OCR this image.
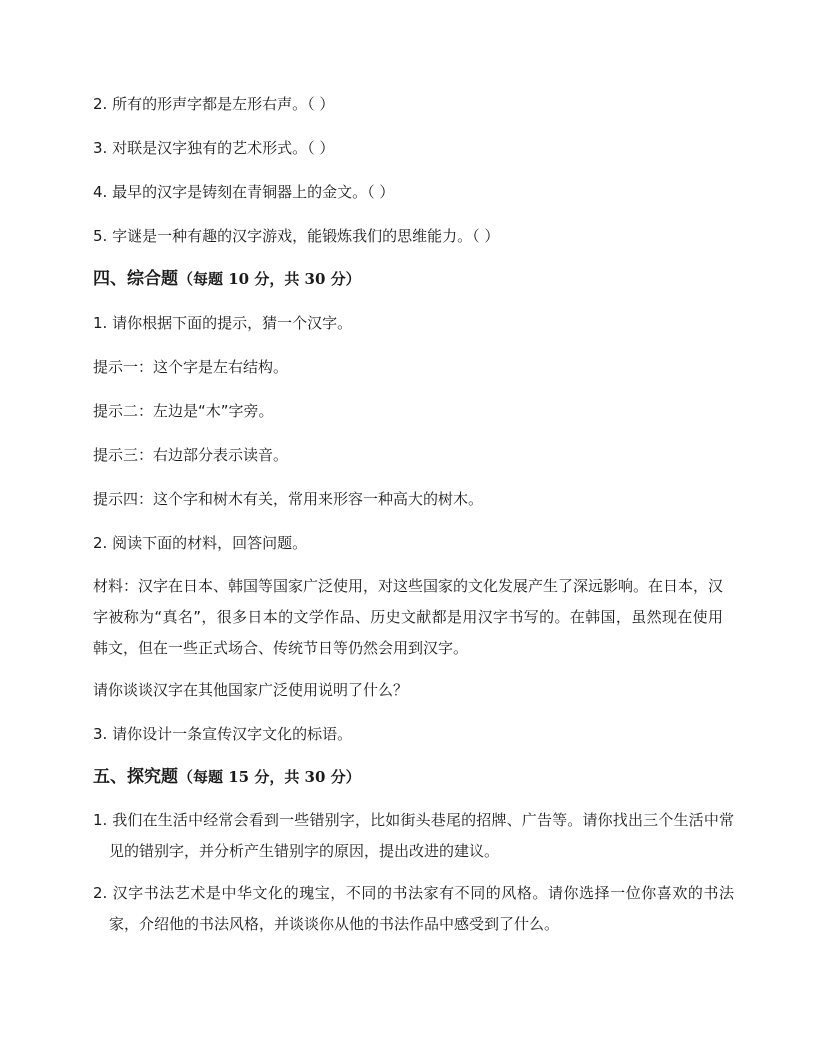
2. 所有的形声字都是左形右声。（ ）
3. 对联是汉字独有的艺术形式。（ ）
4. 最早的汉字是铸刻在青铜器上的金文。（ ）
5. 字谜是一种有趣的汉字游戏，能锻炼我们的思维能力。（ ）
四、综合题（每题 10 分，共 30 分）
1. 请你根据下面的提示，猜一个汉字。
提示一：这个字是左右结构。
提示二：左边是“木”字旁。
提示三：右边部分表示读音。
提示四：这个字和树木有关，常用来形容一种高大的树木。
2. 阅读下面的材料，回答问题。
材料：汉字在日本、韩国等国家广泛使用，对这些国家的文化发展产生了深远影响。在日本，汉字被称为“真名”，很多日本的文学作品、历史文献都是用汉字书写的。在韩国，虽然现在使用韩文，但在一些正式场合、传统节日等仍然会用到汉字。
请你谈谈汉字在其他国家广泛使用说明了什么？
3. 请你设计一条宣传汉字文化的标语。
五、探究题（每题 15 分，共 30 分）
1. 我们在生活中经常会看到一些错别字，比如街头巷尾的招牌、广告等。请你找出三个生活中常见的错别字，并分析产生错别字的原因，提出改进的建议。
2. 汉字书法艺术是中华文化的瑰宝，不同的书法家有不同的风格。请你选择一位你喜欢的书法家，介绍他的书法风格，并谈谈你从他的书法作品中感受到了什么。
